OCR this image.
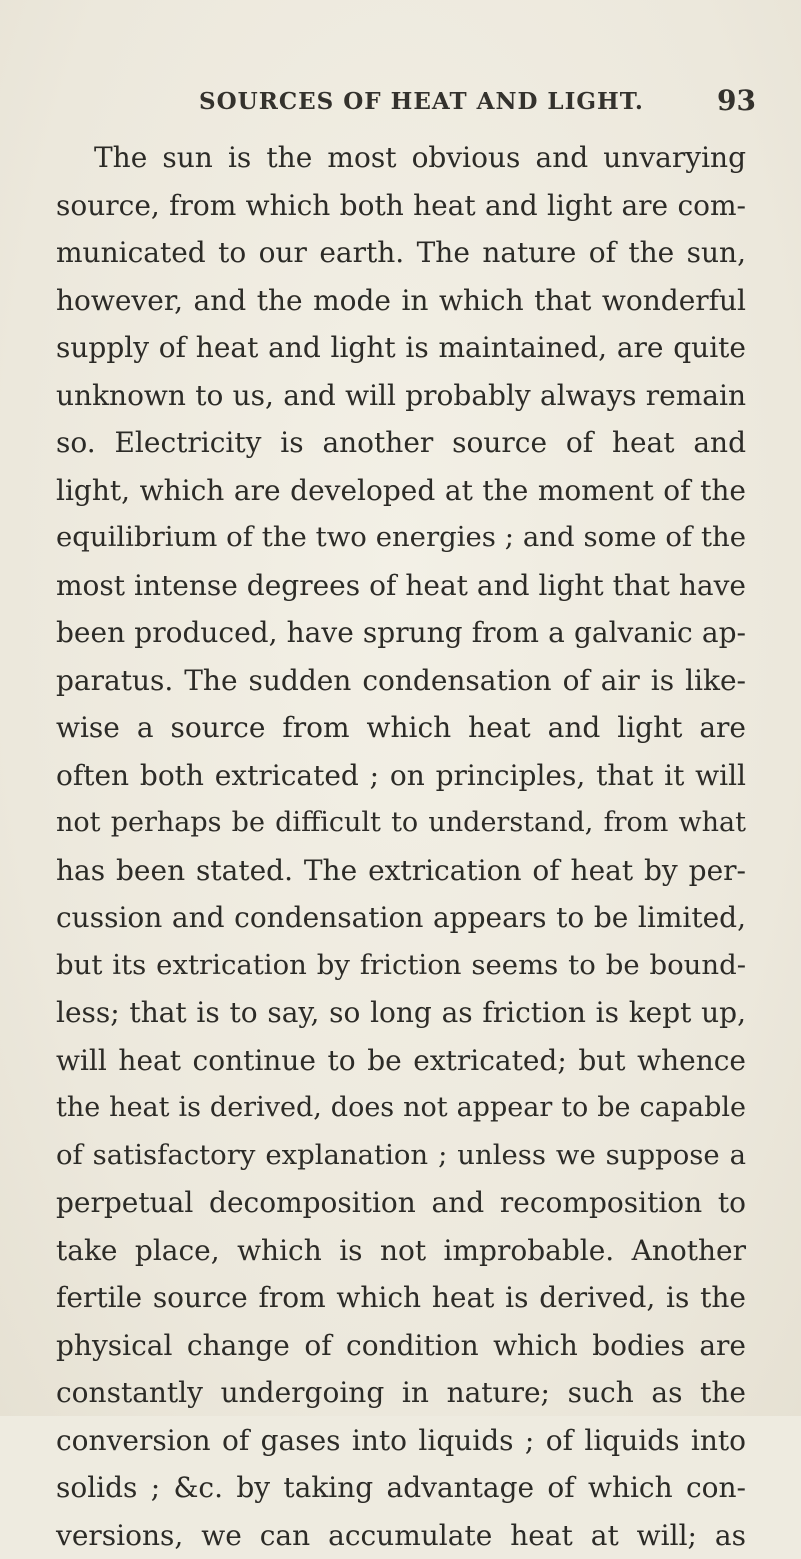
SOURCES OF HEAT AND LIGHT.	93
The sun is the most obvious and unvarying
source, from which both heat and light are com-
municated to our earth. The nature of the sun,
however, and the mode in which that wonderful
supply of heat and light is maintained, are quite
unknown to us, and will probably always remain
so. Electricity is another source of heat and
light, which are developed at the moment of the
equilibrium of the two energies ; and some of the
most intense degrees of heat and light that have
been produced, have sprung from a galvanic ap-
paratus. The sudden condensation of air is like-
wise a source from which heat and light are
often both extricated ; on principles, that it will
not perhaps be difficult to understand, from what
has been stated. The extrication of heat by per-
cussion and condensation appears to be limited,
but its extrication by friction seems to be bound-
less; that is to say, so long as friction is kept up,
will heat continue to be extricated; but whence
the heat is derived, does not appear to be capable
of satisfactory explanation ; unless we suppose a
perpetual decomposition and recomposition to
take place, which is not improbable. Another
fertile source from which heat is derived, is the
physical change of condition which bodies are
constantly undergoing in nature; such as the
conversion of gases into liquids ; of liquids into
solids ; &c. by taking advantage of which con-
versions, we can accumulate heat at will; as
